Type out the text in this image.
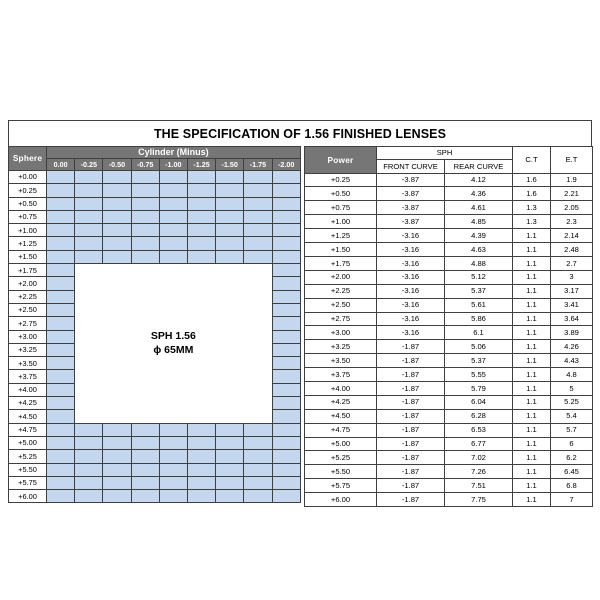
THE SPECIFICATION OF 1.56 FINISHED LENSES
Sphere	Cylinder (Minus)								
	0.00	-0.25	-0.50	-0.75	-1.00	-1.25	-1.50	-1.75	-2.00
+0.00									
+0.25									
+0.50									
+0.75									
+1.00									
+1.25									
+1.50									
+1.75		SPH 1.56
ϕ 65MM							

+2.00									
+2.25									
+2.50									
+2.75									
+3.00									
+3.25									
+3.50									
+3.75									
+4.00									
+4.25									
+4.50									
+4.75									
+5.00									
+5.25									
+5.50									
+5.75									
+6.00									
Power	SPH		C.T	E.T
	FRONT CURVE	REAR CURVE		
+0.25	-3.87	4.12	1.6	1.9
+0.50	-3.87	4.36	1.6	2.21
+0.75	-3.87	4.61	1.3	2.05
+1.00	-3.87	4.85	1.3	2.3
+1.25	-3.16	4.39	1.1	2.14
+1.50	-3.16	4.63	1.1	2.48
+1.75	-3.16	4.88	1.1	2.7
+2.00	-3.16	5.12	1.1	3
+2.25	-3.16	5.37	1.1	3.17
+2.50	-3.16	5.61	1.1	3.41
+2.75	-3.16	5.86	1.1	3.64
+3.00	-3.16	6.1	1.1	3.89
+3.25	-1.87	5.06	1.1	4.26
+3.50	-1.87	5.37	1.1	4.43
+3.75	-1.87	5.55	1.1	4.8
+4.00	-1.87	5.79	1.1	5
+4.25	-1.87	6.04	1.1	5.25
+4.50	-1.87	6.28	1.1	5.4
+4.75	-1.87	6.53	1.1	5.7
+5.00	-1.87	6.77	1.1	6
+5.25	-1.87	7.02	1.1	6.2
+5.50	-1.87	7.26	1.1	6.45
+5.75	-1.87	7.51	1.1	6.8
+6.00	-1.87	7.75	1.1	7
